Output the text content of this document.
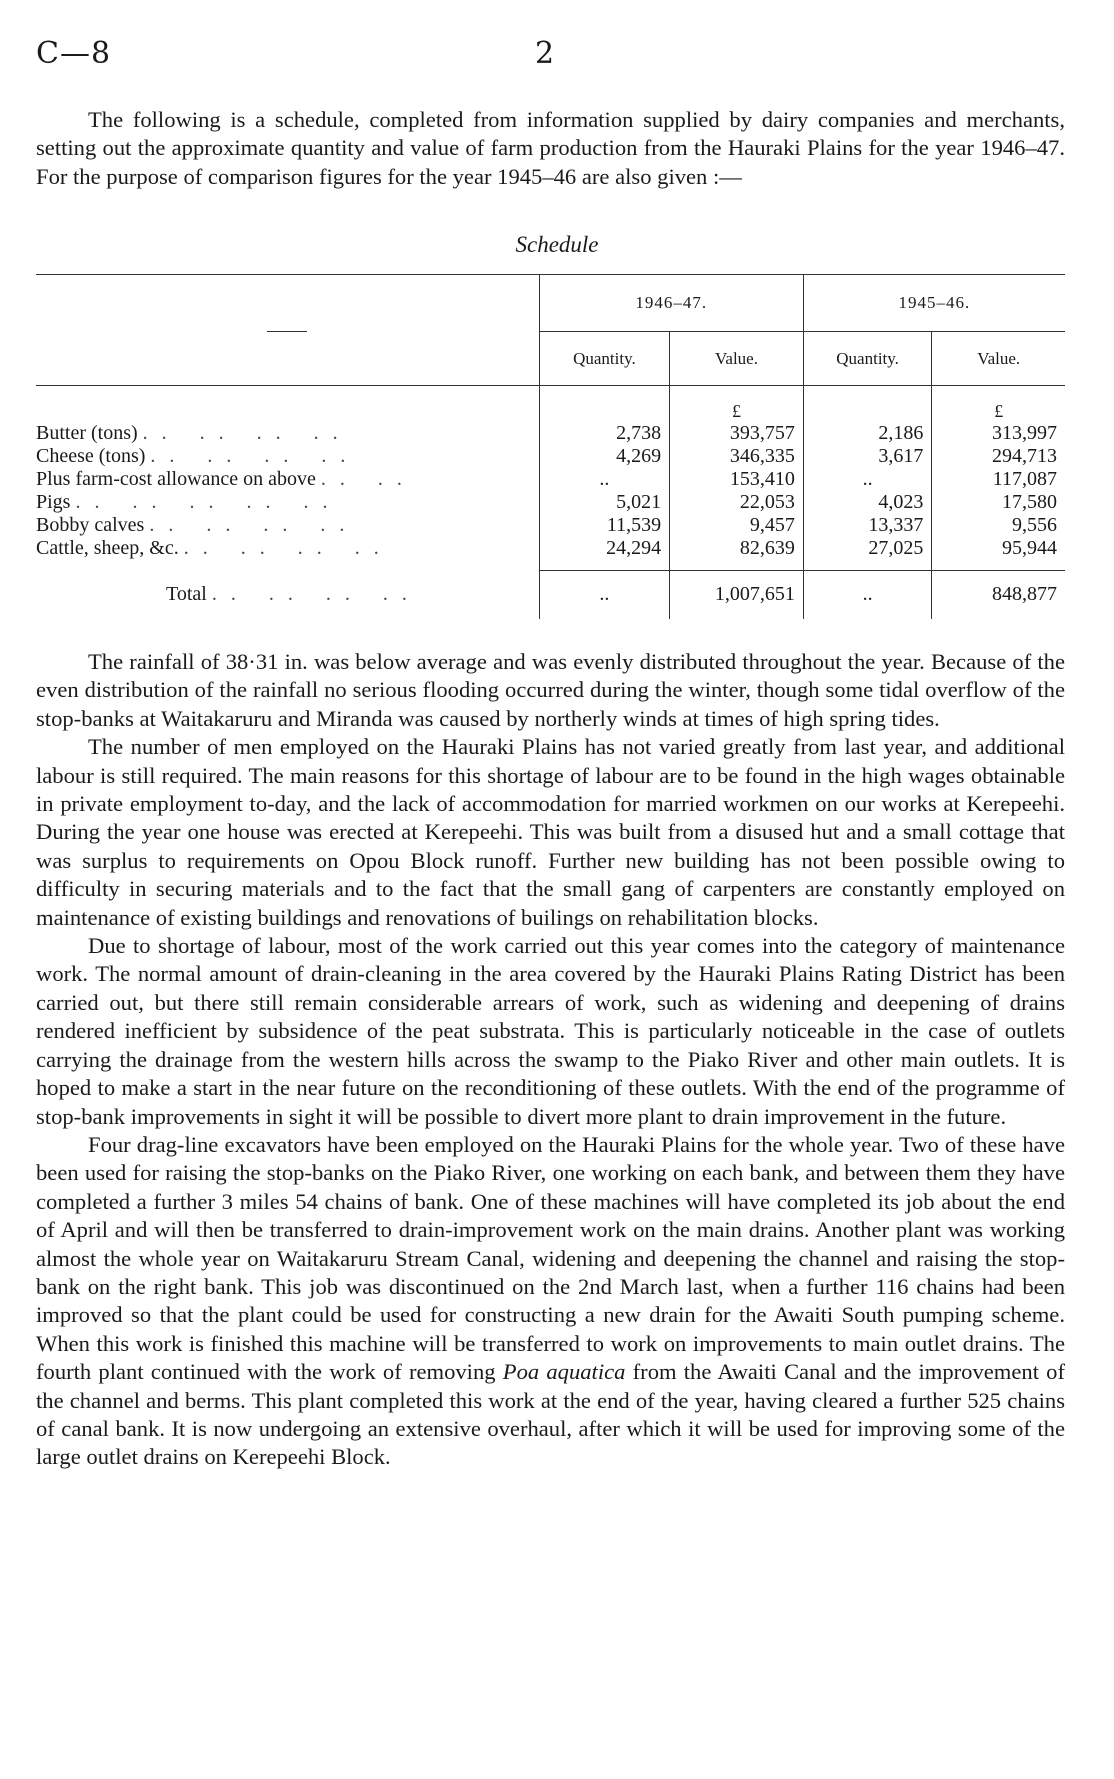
C—8	2

The following is a schedule, completed from information supplied by dairy companies and merchants, setting out the approximate quantity and value of farm production from the Hauraki Plains for the year 1946–47. For the purpose of comparison figures for the year 1945–46 are also given :—

Schedule
	1946–47.		1945–46.	
	Quantity.	Value.	Quantity.	Value.
		£		£
Butter (tons) .. .. .. ..	2,738	393,757	2,186	313,997
Cheese (tons) .. .. .. ..	4,269	346,335	3,617	294,713
Plus farm-cost allowance on above .. ..	..	153,410	..	117,087
Pigs .. .. .. .. ..	5,021	22,053	4,023	17,580
Bobby calves .. .. .. ..	11,539	9,457	13,337	9,556
Cattle, sheep, &c. .. .. .. ..	24,294	82,639	27,025	95,944

Total .. .. .. ..	..	1,007,651	..	848,877

The rainfall of 38·31 in. was below average and was evenly distributed throughout the year. Because of the even distribution of the rainfall no serious flooding occurred during the winter, though some tidal overflow of the stop-banks at Waitakaruru and Miranda was caused by northerly winds at times of high spring tides.

The number of men employed on the Hauraki Plains has not varied greatly from last year, and additional labour is still required. The main reasons for this shortage of labour are to be found in the high wages obtainable in private employment to-day, and the lack of accommodation for married workmen on our works at Kerepeehi. During the year one house was erected at Kerepeehi. This was built from a disused hut and a small cottage that was surplus to requirements on Opou Block runoff. Further new building has not been possible owing to difficulty in securing materials and to the fact that the small gang of carpenters are constantly employed on maintenance of existing buildings and renovations of builings on rehabilitation blocks.

Due to shortage of labour, most of the work carried out this year comes into the category of maintenance work. The normal amount of drain-cleaning in the area covered by the Hauraki Plains Rating District has been carried out, but there still remain considerable arrears of work, such as widening and deepening of drains rendered inefficient by subsidence of the peat substrata. This is particularly noticeable in the case of outlets carrying the drainage from the western hills across the swamp to the Piako River and other main outlets. It is hoped to make a start in the near future on the reconditioning of these outlets. With the end of the programme of stop-bank improvements in sight it will be possible to divert more plant to drain improvement in the future.

Four drag-line excavators have been employed on the Hauraki Plains for the whole year. Two of these have been used for raising the stop-banks on the Piako River, one working on each bank, and between them they have completed a further 3 miles 54 chains of bank. One of these machines will have completed its job about the end of April and will then be transferred to drain-improvement work on the main drains. Another plant was working almost the whole year on Waitakaruru Stream Canal, widening and deepening the channel and raising the stop-bank on the right bank. This job was discontinued on the 2nd March last, when a further 116 chains had been improved so that the plant could be used for constructing a new drain for the Awaiti South pumping scheme. When this work is finished this machine will be transferred to work on improvements to main outlet drains. The fourth plant continued with the work of removing Poa aquatica from the Awaiti Canal and the improvement of the channel and berms. This plant completed this work at the end of the year, having cleared a further 525 chains of canal bank. It is now undergoing an extensive overhaul, after which it will be used for improving some of the large outlet drains on Kerepeehi Block.
